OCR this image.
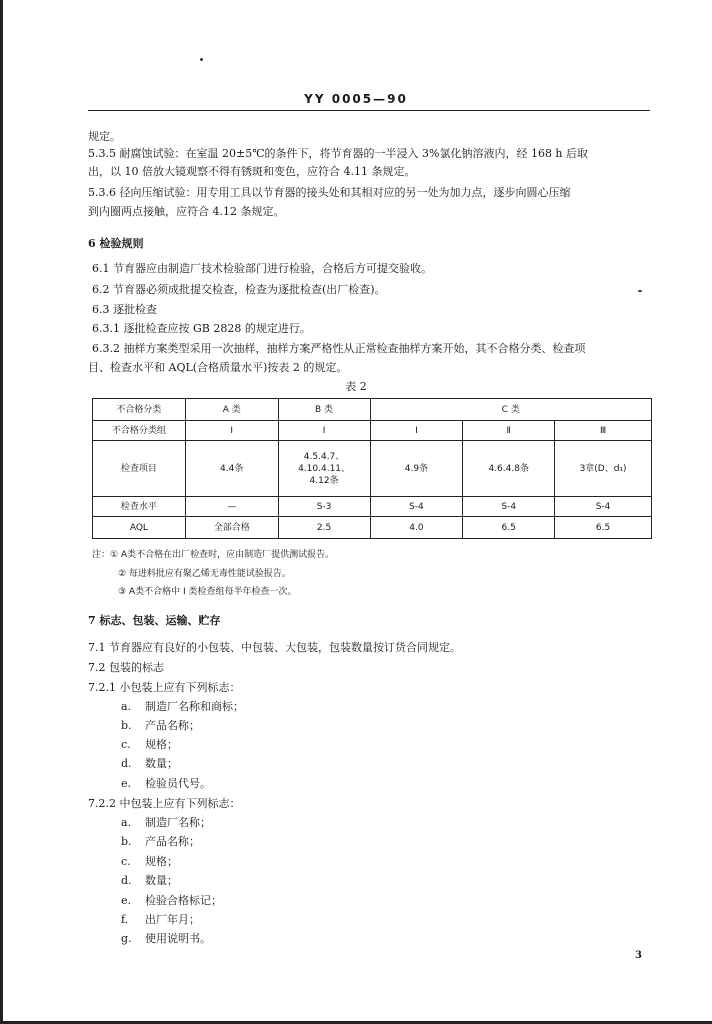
YY 0005—90
规定。
5.3.5 耐腐蚀试验：在室温 20±5℃的条件下，将节育器的一半浸入 3%氯化钠溶液内，经 168 h 后取
出，以 10 倍放大镜观察不得有锈斑和变色，应符合 4.11 条规定。
5.3.6 径向压缩试验：用专用工具以节育器的接头处和其相对应的另一处为加力点，逐步向圆心压缩
到内圈两点接触，应符合 4.12 条规定。
6 检验规则
6.1 节育器应由制造厂技术检验部门进行检验，合格后方可提交验收。
6.2 节育器必须成批提交检查，检查为逐批检查(出厂检查)。
6.3 逐批检查
6.3.1 逐批检查应按 GB 2828 的规定进行。
6.3.2 抽样方案类型采用一次抽样，抽样方案严格性从正常检查抽样方案开始，其不合格分类、检查项
目、检查水平和 AQL(合格质量水平)按表 2 的规定。
表 2
不合格分类	A 类	B 类	C 类		
不合格分类组	I	I	I	Ⅱ	Ⅲ
检查项目	4.4条	4.5.4.7、
4.10.4.11、
4.12条	4.9条	4.6.4.8条	3章(D、d₁)
检查水平	—	S-3	S-4	S-4	S-4
AQL	全部合格	2.5	4.0	6.5	6.5
注：① A类不合格在出厂检查时，应由制造厂提供测试报告。
② 每进料批应有聚乙烯无毒性能试验报告。
③ A类不合格中 I 类检查组每半年检查一次。
7 标志、包装、运输、贮存
7.1 节育器应有良好的小包装、中包装、大包装，包装数量按订货合同规定。
7.2 包装的标志
7.2.1 小包装上应有下列标志：
a. 制造厂名称和商标；
b. 产品名称；
c. 规格；
d. 数量；
e. 检验员代号。
7.2.2 中包装上应有下列标志：
a. 制造厂名称；
b. 产品名称；
c. 规格；
d. 数量；
e. 检验合格标记；
f. 出厂年月；
g. 使用说明书。
3
